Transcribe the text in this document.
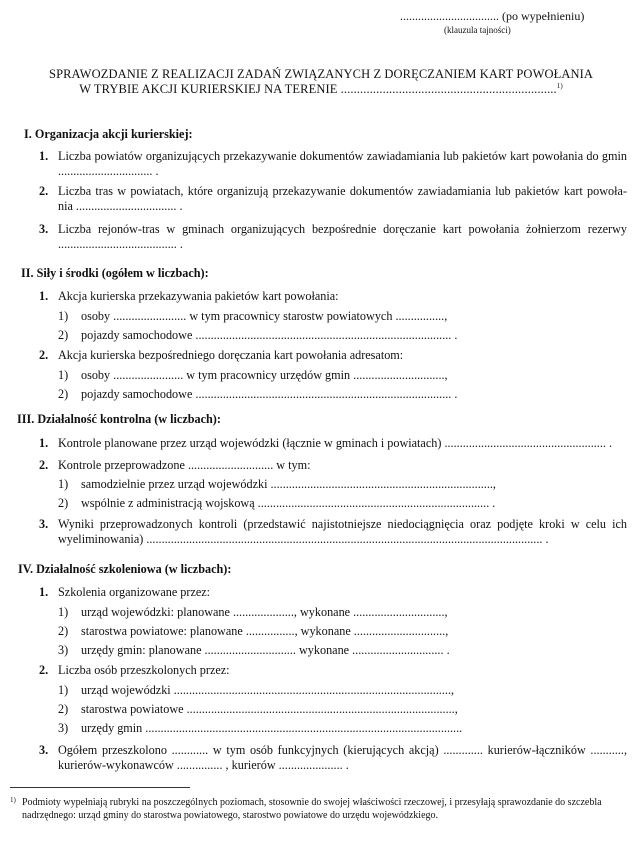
................................. (po wypełnieniu)
(klauzula tajności)
SPRAWOZDANIE Z REALIZACJI ZADAŃ ZWIĄZANYCH Z DORĘCZANIEM KART POWOŁANIA
W TRYBIE AKCJI KURIERSKIEJ NA TERENIE ...................................................................$^{1)}$
I. Organizacja akcji kurierskiej:
1. Liczba powiatów organizujących przekazywanie dokumentów zawiadamiania lub pakietów kart powołania do gmin ............................... .
2. Liczba tras w powiatach, które organizują przekazywanie dokumentów zawiadamiania lub pakietów kart powoła- nia ................................. .
3. Liczba rejonów-tras w gminach organizujących bezpośrednie doręczanie kart powołania żołnierzom rezerwy ....................................... .
II. Siły i środki (ogółem w liczbach):
1. Akcja kurierska przekazywania pakietów kart powołania:
1) osoby ........................ w tym pracownicy starostw powiatowych ................,
2) pojazdy samochodowe .................................................................................... .
2. Akcja kurierska bezpośredniego doręczania kart powołania adresatom:
1) osoby ....................... w tym pracownicy urzędów gmin ..............................,
2) pojazdy samochodowe .................................................................................... .
III. Działalność kontrolna (w liczbach):
1. Kontrole planowane przez urząd wojewódzki (łącznie w gminach i powiatach) ..................................................... .
2. Kontrole przeprowadzone ............................ w tym:
1) samodzielnie przez urząd wojewódzki .........................................................................,
2) wspólnie z administracją wojskową ............................................................................ .
3. Wyniki przeprowadzonych kontroli (przedstawić najistotniejsze niedociągnięcia oraz podjęte kroki w celu ich wyeliminowania) .................................................................................................................................. .
IV. Działalność szkoleniowa (w liczbach):
1. Szkolenia organizowane przez:
1) urząd wojewódzki: planowane ...................., wykonane ..............................,
2) starostwa powiatowe: planowane ................, wykonane ..............................,
3) urzędy gmin: planowane .............................. wykonane .............................. .
2. Liczba osób przeszkolonych przez:
1) urząd wojewódzki ...........................................................................................,
2) starostwa powiatowe ........................................................................................,
3) urzędy gmin ........................................................................................................
3. Ogółem przeszkolono ............ w tym osób funkcyjnych (kierujących akcją) ............. kurierów-łączników ..........., kurierów-wykonawców ............... , kurierów ..................... .
1) Podmioty wypełniają rubryki na poszczególnych poziomach, stosownie do swojej właściwości rzeczowej, i przesyłają sprawozdanie do szczebla nadrzędnego: urząd gminy do starostwa powiatowego, starostwo powiatowe do urzędu wojewódzkiego.
